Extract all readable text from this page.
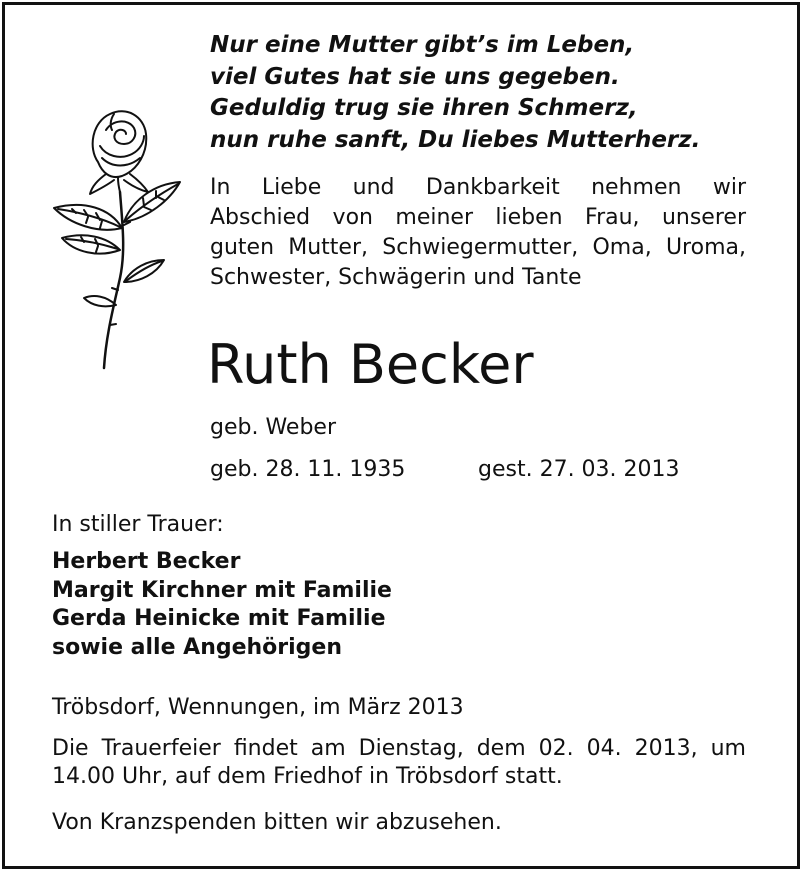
Nur eine Mutter gibt’s im Leben,
viel Gutes hat sie uns gegeben.
Geduldig trug sie ihren Schmerz,
nun ruhe sanft, Du liebes Mutterherz.
In Liebe und Dankbarkeit nehmen wir
Abschied von meiner lieben Frau, unserer
guten Mutter, Schwiegermutter, Oma, Uroma,
Schwester, Schwägerin und Tante
Ruth Becker
geb. Weber
geb. 28. 11. 1935	gest. 27. 03. 2013
In stiller Trauer:
Herbert Becker
Margit Kirchner mit Familie
Gerda Heinicke mit Familie
sowie alle Angehörigen
Tröbsdorf, Wennungen, im März 2013
Die Trauerfeier findet am Dienstag, dem 02. 04. 2013, um
14.00 Uhr, auf dem Friedhof in Tröbsdorf statt.
Von Kranzspenden bitten wir abzusehen.
